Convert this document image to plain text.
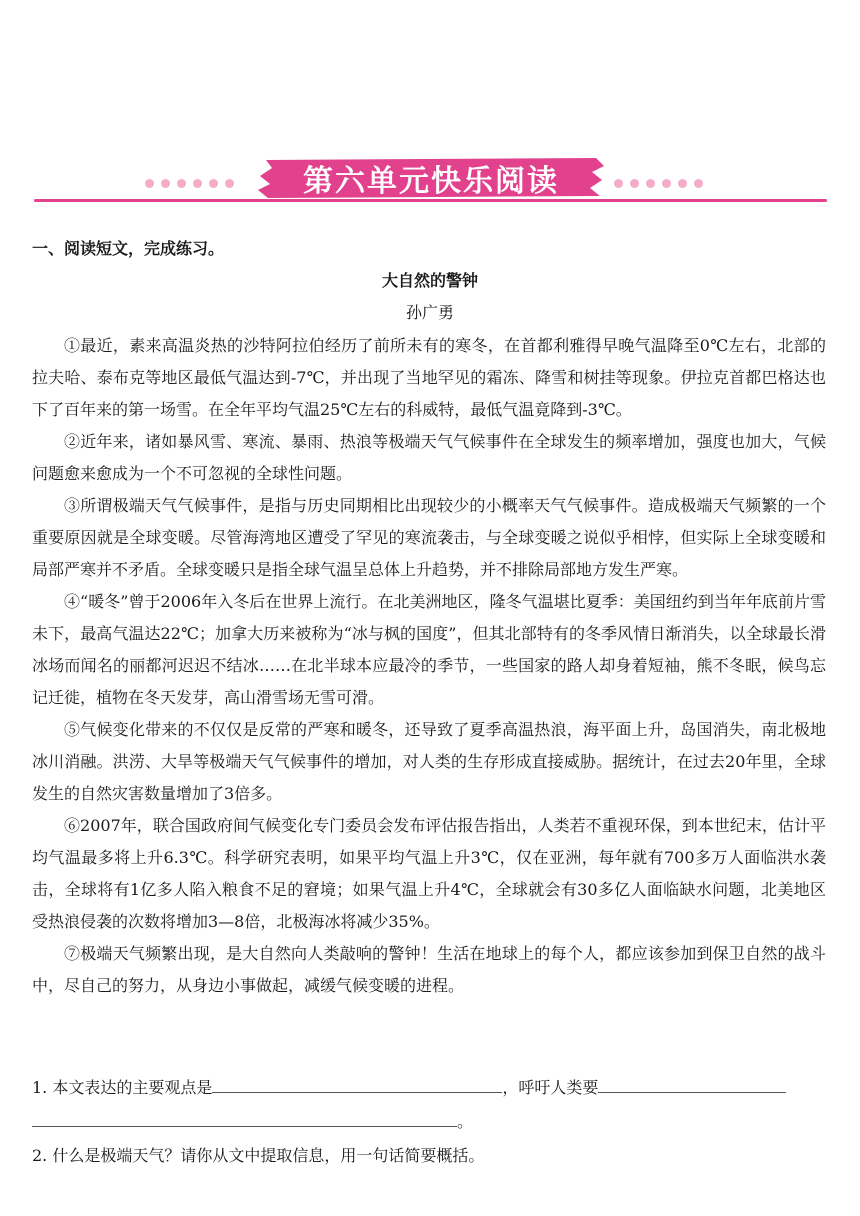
第六单元快乐阅读
一、阅读短文，完成练习。
大自然的警钟
孙广勇

①最近，素来高温炎热的沙特阿拉伯经历了前所未有的寒冬，在首都利雅得早晚气温降至0℃左右，北部的拉夫哈、泰布克等地区最低气温达到-7℃，并出现了当地罕见的霜冻、降雪和树挂等现象。伊拉克首都巴格达也下了百年来的第一场雪。在全年平均气温25℃左右的科威特，最低气温竟降到-3℃。

②近年来，诸如暴风雪、寒流、暴雨、热浪等极端天气气候事件在全球发生的频率增加，强度也加大，气候问题愈来愈成为一个不可忽视的全球性问题。

③所谓极端天气气候事件，是指与历史同期相比出现较少的小概率天气气候事件。造成极端天气频繁的一个重要原因就是全球变暖。尽管海湾地区遭受了罕见的寒流袭击，与全球变暖之说似乎相悖，但实际上全球变暖和局部严寒并不矛盾。全球变暖只是指全球气温呈总体上升趋势，并不排除局部地方发生严寒。

④“暖冬”曾于2006年入冬后在世界上流行。在北美洲地区，隆冬气温堪比夏季：美国纽约到当年年底前片雪未下，最高气温达22℃；加拿大历来被称为“冰与枫的国度”，但其北部特有的冬季风情日渐消失，以全球最长滑冰场而闻名的丽都河迟迟不结冰……在北半球本应最冷的季节，一些国家的路人却身着短袖，熊不冬眠，候鸟忘记迁徙，植物在冬天发芽，高山滑雪场无雪可滑。

⑤气候变化带来的不仅仅是反常的严寒和暖冬，还导致了夏季高温热浪，海平面上升，岛国消失，南北极地冰川消融。洪涝、大旱等极端天气气候事件的增加，对人类的生存形成直接威胁。据统计，在过去20年里，全球发生的自然灾害数量增加了3倍多。

⑥2007年，联合国政府间气候变化专门委员会发布评估报告指出，人类若不重视环保，到本世纪末，估计平均气温最多将上升6.3℃。科学研究表明，如果平均气温上升3℃，仅在亚洲，每年就有700多万人面临洪水袭击，全球将有1亿多人陷入粮食不足的窘境；如果气温上升4℃，全球就会有30多亿人面临缺水问题，北美地区受热浪侵袭的次数将增加3—8倍，北极海冰将减少35%。

⑦极端天气频繁出现，是大自然向人类敲响的警钟！生活在地球上的每个人，都应该参加到保卫自然的战斗中，尽自己的努力，从身边小事做起，减缓气候变暖的进程。

1. 本文表达的主要观点是	，呼吁人类要
。
2. 什么是极端天气？请你从文中提取信息，用一句话简要概括。
